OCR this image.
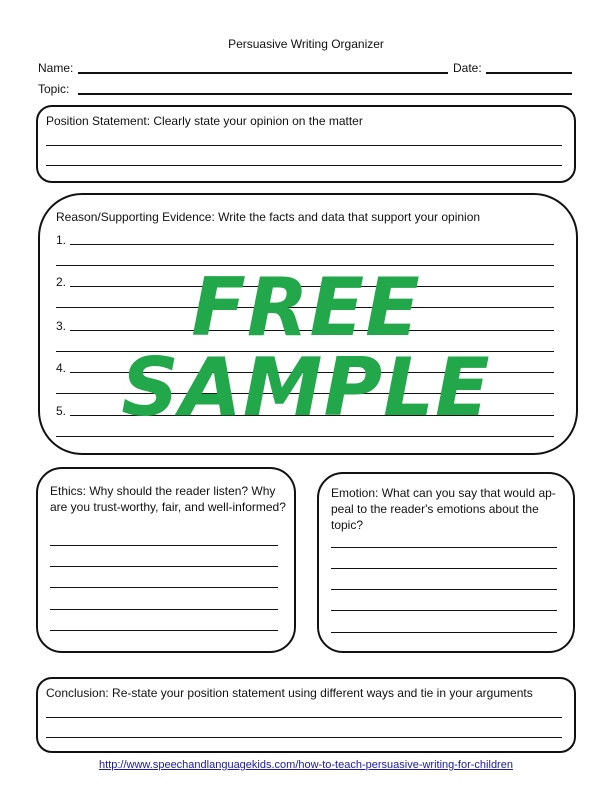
Persuasive Writing Organizer
Name:	Date:
Topic:
Position Statement: Clearly state your opinion on the matter
Reason/Supporting Evidence: Write the facts and data that support your opinion
1.
2.
3.
4.
5.
Ethics: Why should the reader listen? Why are you trust-worthy, fair, and well-informed?
Emotion: What can you say that would ap-peal to the reader's emotions about the topic?
Conclusion: Re-state your position statement using different ways and tie in your arguments
FREE SAMPLE
http://www.speechandlanguagekids.com/how-to-teach-persuasive-writing-for-children
